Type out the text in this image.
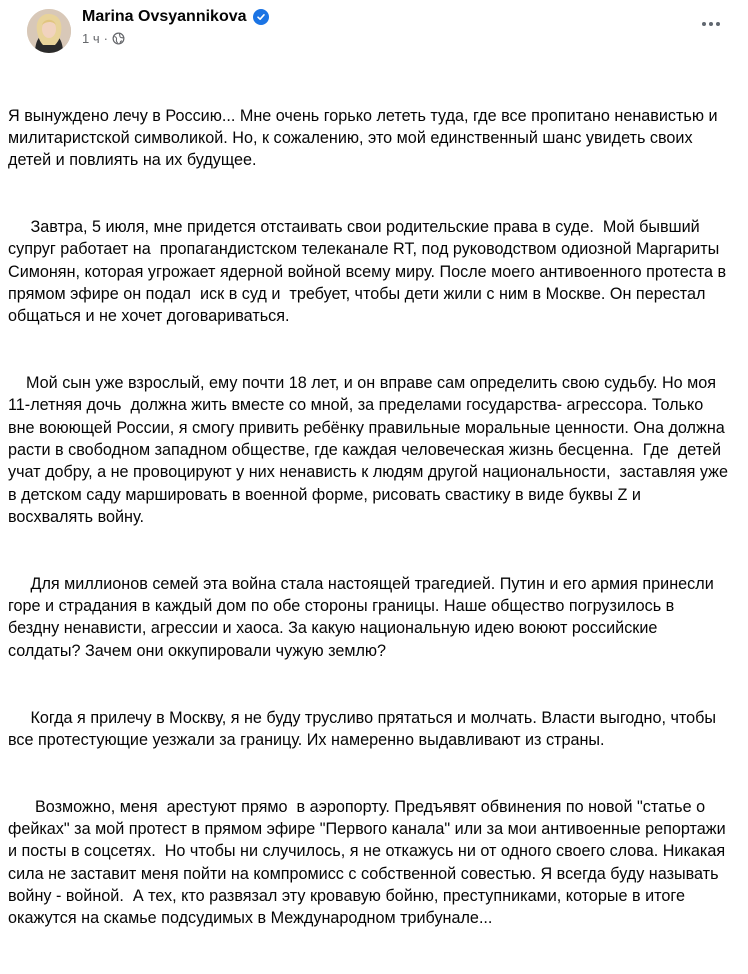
Marina Ovsyannikova
1 ч ·

Я вынуждено лечу в Россию... Мне очень горько лететь туда, где все пропитано ненавистью и милитаристской символикой. Но, к сожалению, это мой единственный шанс увидеть своих детей и повлиять на их будущее.

Завтра, 5 июля, мне придется отстаивать свои родительские права в суде.  Мой бывший супруг работает на  пропагандистском телеканале RT, под руководством одиозной Маргариты Симонян, которая угрожает ядерной войной всему миру. После моего антивоенного протеста в прямом эфире он подал  иск в суд и  требует, чтобы дети жили с ним в Москве. Он перестал  общаться и не хочет договариваться.

Мой сын уже взрослый, ему почти 18 лет, и он вправе сам определить свою судьбу. Но моя 11-летняя дочь  должна жить вместе со мной, за пределами государства- агрессора. Только вне воюющей России, я смогу привить ребёнку правильные моральные ценности. Она должна расти в свободном западном обществе, где каждая человеческая жизнь бесценна.  Где  детей учат добру, а не провоцируют у них ненависть к людям другой национальности,  заставляя уже в детском саду маршировать в военной форме, рисовать свастику в виде буквы Z и восхвалять войну.

Для миллионов семей эта война стала настоящей трагедией. Путин и его армия принесли горе и страдания в каждый дом по обе стороны границы. Наше общество погрузилось в бездну ненависти, агрессии и хаоса. За какую национальную идею воюют российские солдаты? Зачем они оккупировали чужую землю?

Когда я прилечу в Москву, я не буду трусливо прятаться и молчать. Власти выгодно, чтобы все протестующие уезжали за границу. Их намеренно выдавливают из страны.

Возможно, меня  арестуют прямо  в аэропорту. Предъявят обвинения по новой "статье о фейках" за мой протест в прямом эфире "Первого канала" или за мои антивоенные репортажи и посты в соцсетях.  Но чтобы ни случилось, я не откажусь ни от одного своего слова. Никакая сила не заставит меня пойти на компромисс с собственной совестью. Я всегда буду называть войну - войной.  А тех, кто развязал эту кровавую бойню, преступниками, которые в итоге окажутся на скамье подсудимых в Международном трибунале...
